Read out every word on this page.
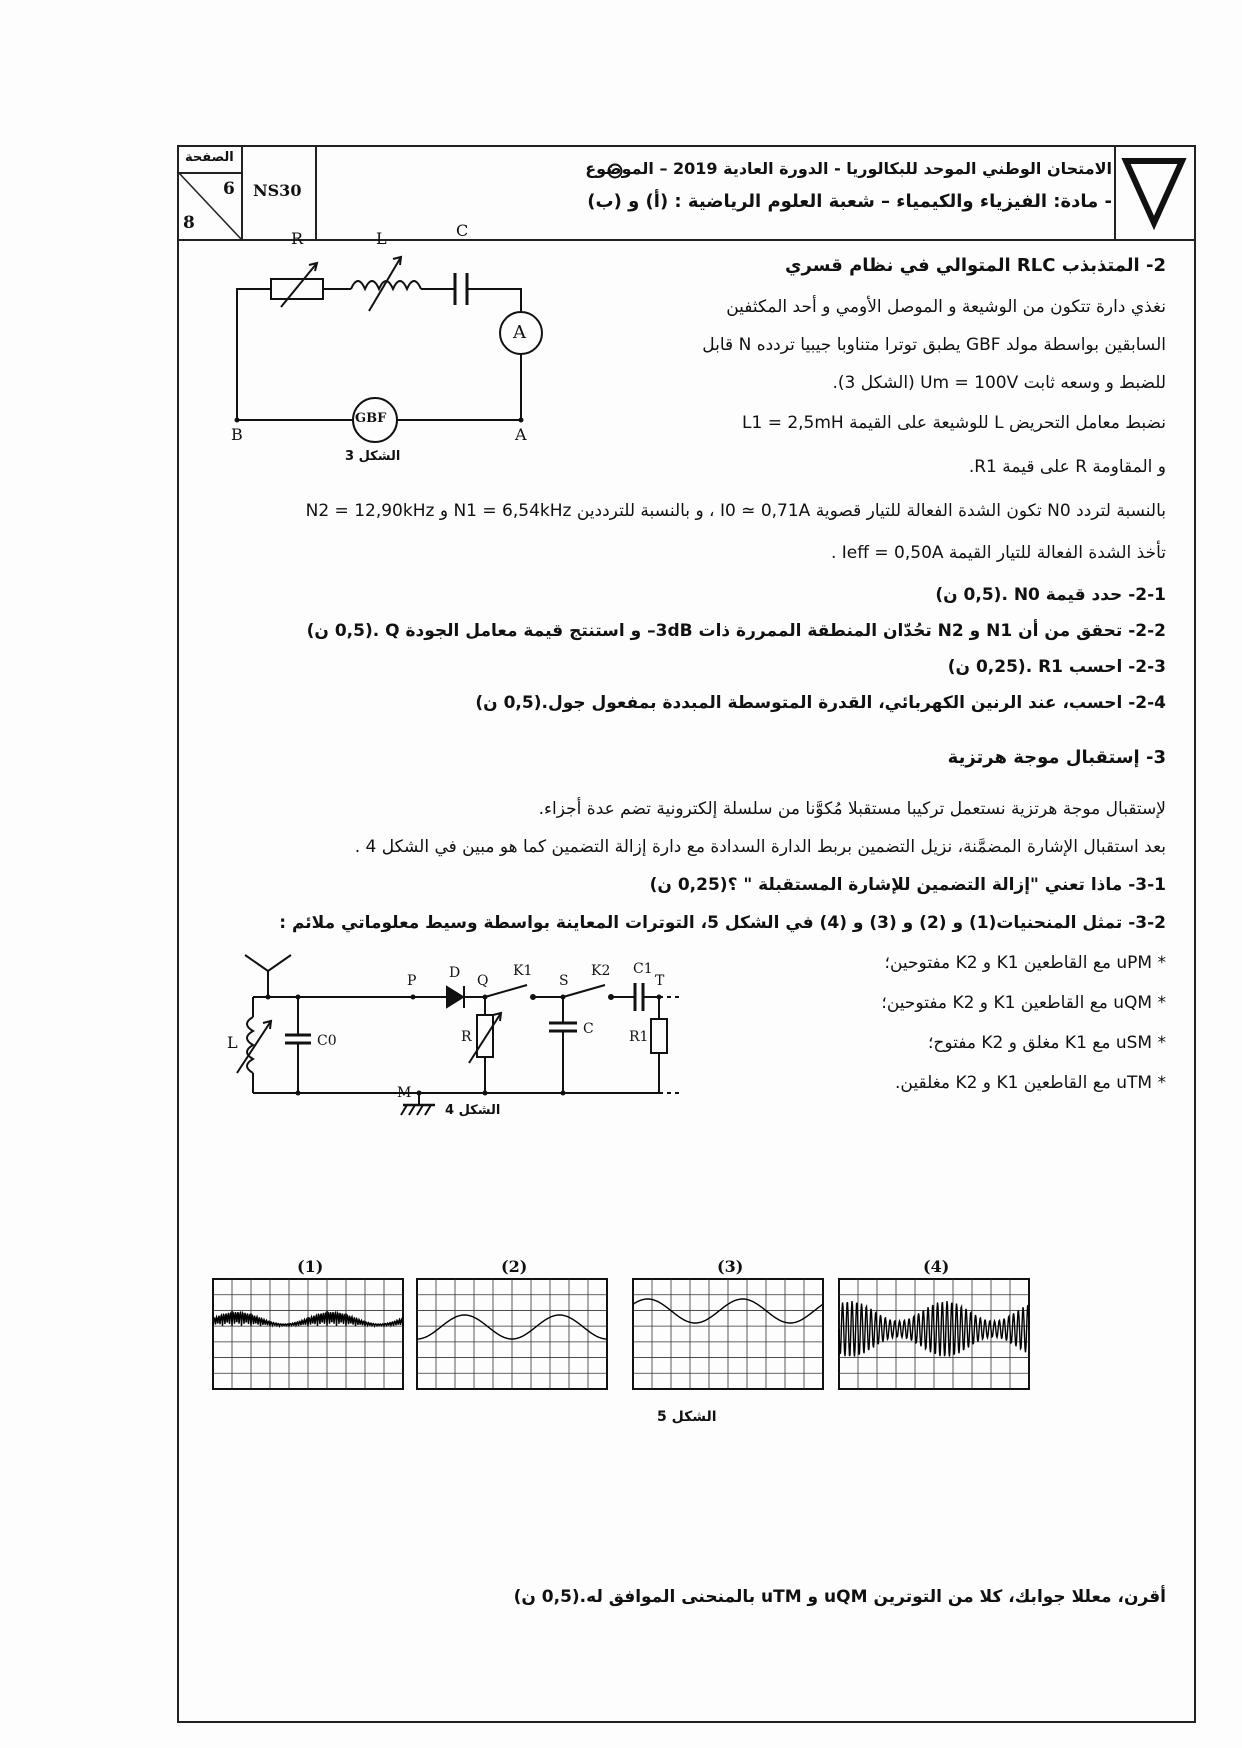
الصفحة
6
8
NS30
الامتحان الوطني الموحد للبكالوريا - الدورة العادية 2019 – الموضوع
- مادة: الفيزياء والكيمياء – شعبة العلوم الرياضية : (أ) و (ب)
2- المتذبذب RLC المتوالي في نظام قسري
نغذي دارة تتكون من الوشيعة و الموصل الأومي و أحد المكثفين
السابقين بواسطة مولد GBF يطبق توترا متناوبا جيبيا تردده N قابل
للضبط و وسعه ثابت Um = 100V (الشكل 3).
نضبط معامل التحريض L للوشيعة على القيمة L1 = 2,5mH
و المقاومة R على قيمة R1.
بالنسبة لتردد N0 تكون الشدة الفعالة للتيار قصوية I0 ≃ 0,71A ، و بالنسبة للترددين N1 = 6,54kHz و N2 = 12,90kHz
تأخذ الشدة الفعالة للتيار القيمة Ieff = 0,50A .
2-1- حدد قيمة N0 .(0,5 ن)
2-2- تحقق من أن N1 و N2 تحُدّان المنطقة الممررة ذات 3dB– و استنتج قيمة معامل الجودة Q .(0,5 ن)
2-3- احسب R1 .(0,25 ن)
2-4- احسب، عند الرنين الكهربائي، القدرة المتوسطة المبددة بمفعول جول.(0,5 ن)
3- إستقبال موجة هرتزية
لإستقبال موجة هرتزية نستعمل تركيبا مستقبلا مُكوَّنا من سلسلة إلكترونية تضم عدة أجزاء.
بعد استقبال الإشارة المضمَّنة، نزيل التضمين بربط الدارة السدادة مع دارة إزالة التضمين كما هو مبين في الشكل 4 .
3-1- ماذا تعني "إزالة التضمين للإشارة المستقبلة " ؟(0,25 ن)
3-2- تمثل المنحنيات(1) و (2) و (3) و (4) في الشكل 5، التوترات المعاينة بواسطة وسيط معلوماتي ملائم :
* uPM مع القاطعين K1 و K2 مفتوحين؛
* uQM مع القاطعين K1 و K2 مفتوحين؛
* uSM مع K1 مغلق و K2 مفتوح؛
* uTM مع القاطعين K1 و K2 مغلقين.
أقرن، معللا جوابك، كلا من التوترين uQM و uTM بالمنحنى الموافق له.(0,5 ن)
R	L	C
A
GBF
A
B
الشكل 3
L	C0
P D Q
K1
S
K2 C1
T
R	C	R1
M
الشكل 4
(1)	(2)	(3)	(4)
الشكل 5
